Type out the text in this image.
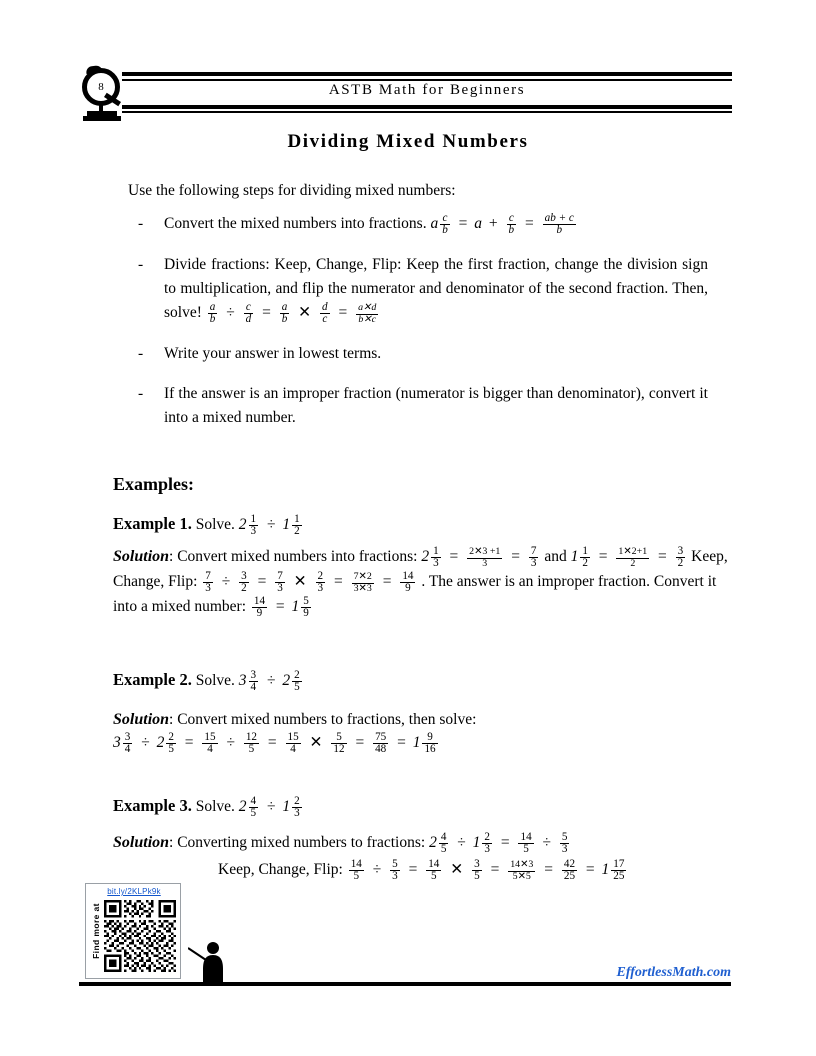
ASTB Math for Beginners
8
Dividing Mixed Numbers
Use the following steps for dividing mixed numbers:
- Convert the mixed numbers into fractions. a $\frac{c}{b} = a + \frac{c}{b} = \frac{ab + c}{b}$
- Divide fractions: Keep, Change, Flip: Keep the first fraction, change the division sign to multiplication, and flip the numerator and denominator of the second fraction. Then, solve! $\frac{a}{b} \div \frac{c}{d} = \frac{a}{b}$ ✕ $\frac{d}{c} = \frac{a✕d}{b✕c}$
- Write your answer in lowest terms.
- If the answer is an improper fraction (numerator is bigger than denominator), convert it into a mixed number.
Examples:
Example 1. Solve. $2 \frac{1}{3} \div 1 \frac{1}{2}$
Solution: Convert mixed numbers into fractions: $2 \frac{1}{3} = \frac{2✕3 +1}{3} = \frac{7}{3}$ and $1 \frac{1}{2} = \frac{1✕2+1}{2} = \frac{3}{2}$ Keep, Change, Flip: $\frac{7}{3} \div \frac{3}{2} = \frac{7}{3}$ ✕ $\frac{2}{3} = \frac{7✕2}{3✕3} = \frac{14}{9}$ . The answer is an improper fraction. Convert it into a mixed number: $\frac{14}{9} = 1 \frac{5}{9}$
Example 2. Solve. $3 \frac{3}{4} \div 2 \frac{2}{5}$
Solution: Convert mixed numbers to fractions, then solve:
$3 \frac{3}{4} \div 2 \frac{2}{5} = \frac{15}{4} \div \frac{12}{5} = \frac{15}{4}$ ✕ $\frac{5}{12} = \frac{75}{48} = 1 \frac{9}{16}$
Example 3. Solve. $2 \frac{4}{5} \div 1 \frac{2}{3}$
Solution: Converting mixed numbers to fractions: $2 \frac{4}{5} \div 1 \frac{2}{3} = \frac{14}{5} \div \frac{5}{3}$
Keep, Change, Flip: $\frac{14}{5} \div \frac{5}{3} = \frac{14}{5}$ ✕ $\frac{3}{5} = \frac{14✕3}{5✕5} = \frac{42}{25} = 1 \frac{17}{25}$
bit.ly/2KLPk9k
Find more at
EffortlessMath.com
